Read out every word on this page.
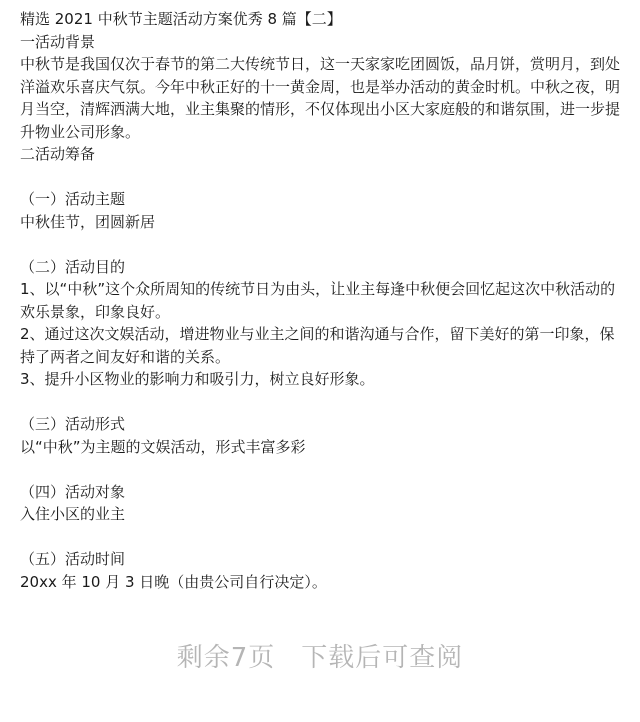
精选 2021 中秋节主题活动方案优秀 8 篇【二】

一活动背景

中秋节是我国仅次于春节的第二大传统节日，这一天家家吃团圆饭，品月饼，赏明月，到处洋溢欢乐喜庆气氛。今年中秋正好的十一黄金周，也是举办活动的黄金时机。中秋之夜，明月当空，清辉洒满大地，业主集聚的情形，不仅体现出小区大家庭般的和谐氛围，进一步提升物业公司形象。

二活动筹备

（一）活动主题

中秋佳节，团圆新居

（二）活动目的

1、以“中秋”这个众所周知的传统节日为由头，让业主每逢中秋便会回忆起这次中秋活动的欢乐景象，印象良好。

2、通过这次文娱活动，增进物业与业主之间的和谐沟通与合作，留下美好的第一印象，保持了两者之间友好和谐的关系。

3、提升小区物业的影响力和吸引力，树立良好形象。

（三）活动形式

以“中秋”为主题的文娱活动，形式丰富多彩

（四）活动对象

入住小区的业主

（五）活动时间

20xx 年 10 月 3 日晚（由贵公司自行决定）。

剩余7页 下载后可查阅
